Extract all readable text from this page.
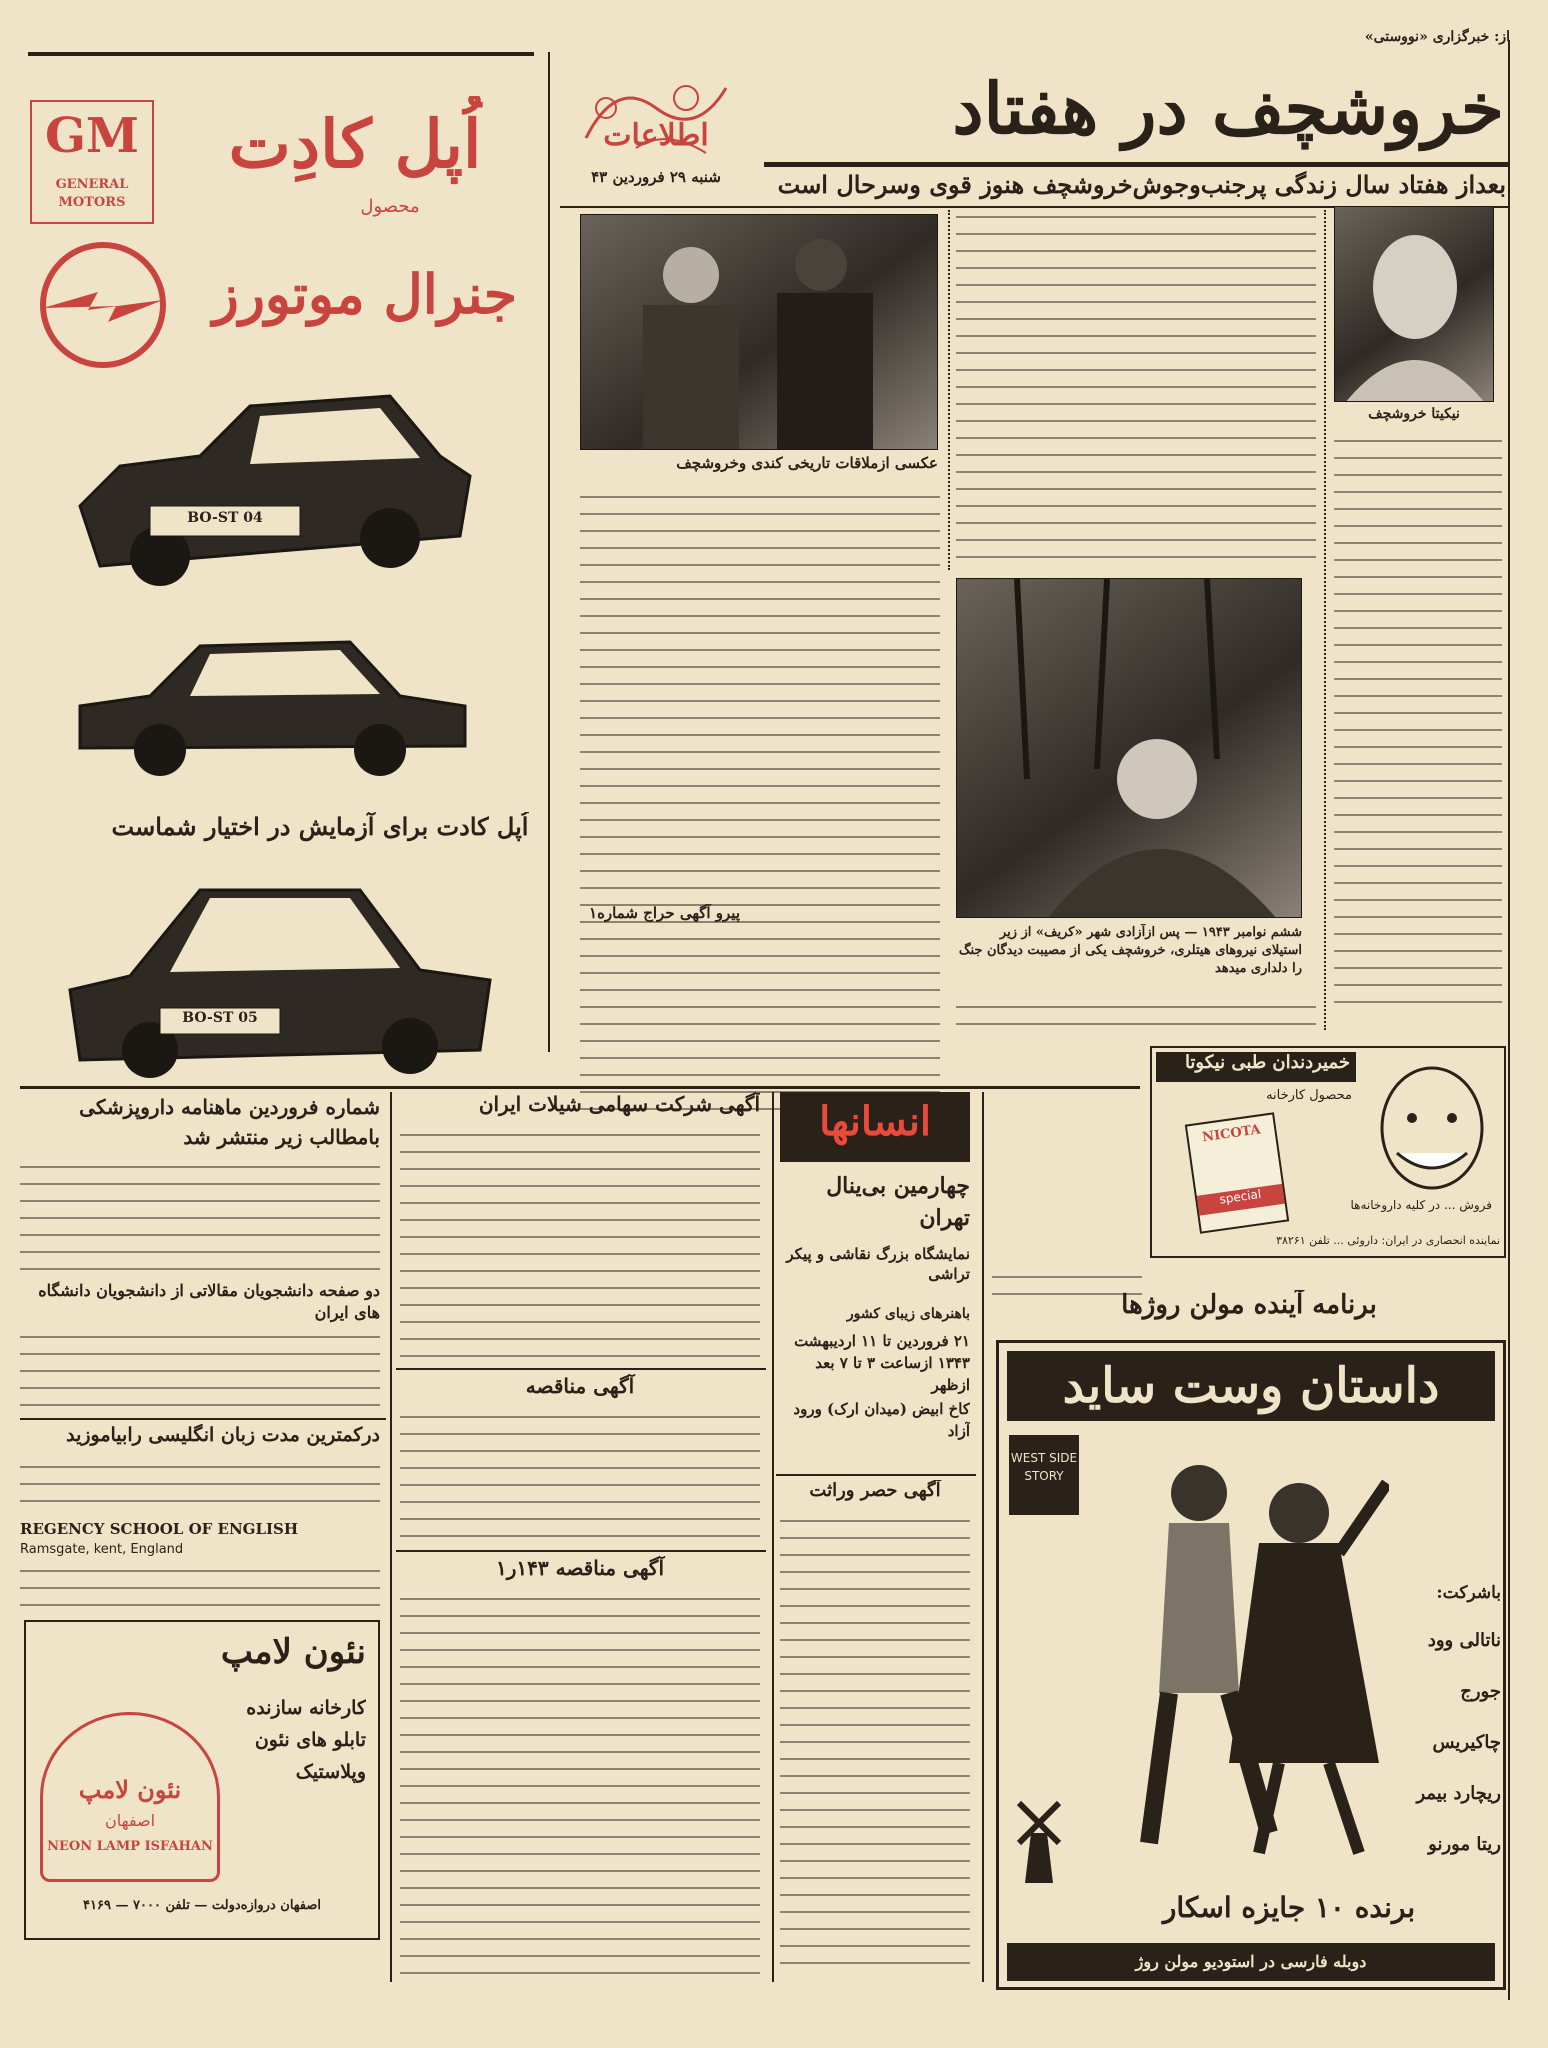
از: خبرگزاری «نووستی»
اطلاعات
شنبه ۲۹ فروردین ۴۳
خروشچف در هفتاد
بعداز هفتاد سال زندگی پرجنب‌وجوش‌خروشچف هنوز قوی وسرحال است
نیکیتا خروشچف
عکسی ازملاقات تاریخی کندی وخروشچف
ششم نوامبر ۱۹۴۳ — پس ازآزادی شهر «کریف» از زیر استیلای نیروهای هیتلری، خروشچف یکی از مصیبت دیدگان جنگ را دلداری میدهد
GM
GENERAL MOTORS
اُپل کادِت
محصول
جنرال موتورز
BO-ST 04
اُپل کادت برای آزمایش در اختیار شماست
BO-ST 05
پیرو آگهی حراج شماره۱
خمیردندان طبی نیکوتا
محصول کارخانه
NICOTA
special	فروش ... در کلیه داروخانه‌ها
نماینده انحصاری در ایران: داروئی ... تلفن ۳۸۲۶۱
شماره فروردین ماهنامه داروپزشکی بامطالب زیر منتشر شد
دو صفحه دانشجویان مقالاتی از دانشجویان دانشگاه های ایران
آگهی شرکت سهامی شیلات ایران
آگهی مناقصه
آگهی مناقصه ۱۴۳ر۱
درکمترین مدت زبان انگلیسی رابیاموزید
REGENCY SCHOOL OF ENGLISH
Ramsgate, kent, England
نئون لامپ
کارخانه سازنده تابلو های نئون وپلاستیک
نئون لامپ
اصفهان
NEON LAMP ISFAHAN
اصفهان دروازه‌دولت — تلفن ۷۰۰۰ — ۴۱۶۹
انسانها
چهارمین بی‌ینال تهران
نمایشگاه بزرگ نقاشی و پیکر تراشی
باهنرهای زیبای کشور
۲۱ فروردین تا ۱۱ اردیبهشت ۱۳۴۳ ازساعت ۳ تا ۷ بعد ازظهر
کاخ ابیض (میدان ارک) ورود آزاد
آگهی حصر وراثت
برنامه آینده مولن روژها
داستان وست ساید
WEST SIDE STORY
باشرکت:
ناتالی وود
جورج چاکیریس
ریچارد بیمر
ریتا مورنو
برنده ۱۰ جایزه اسکار
دوبله فارسی در استودیو مولن روژ
